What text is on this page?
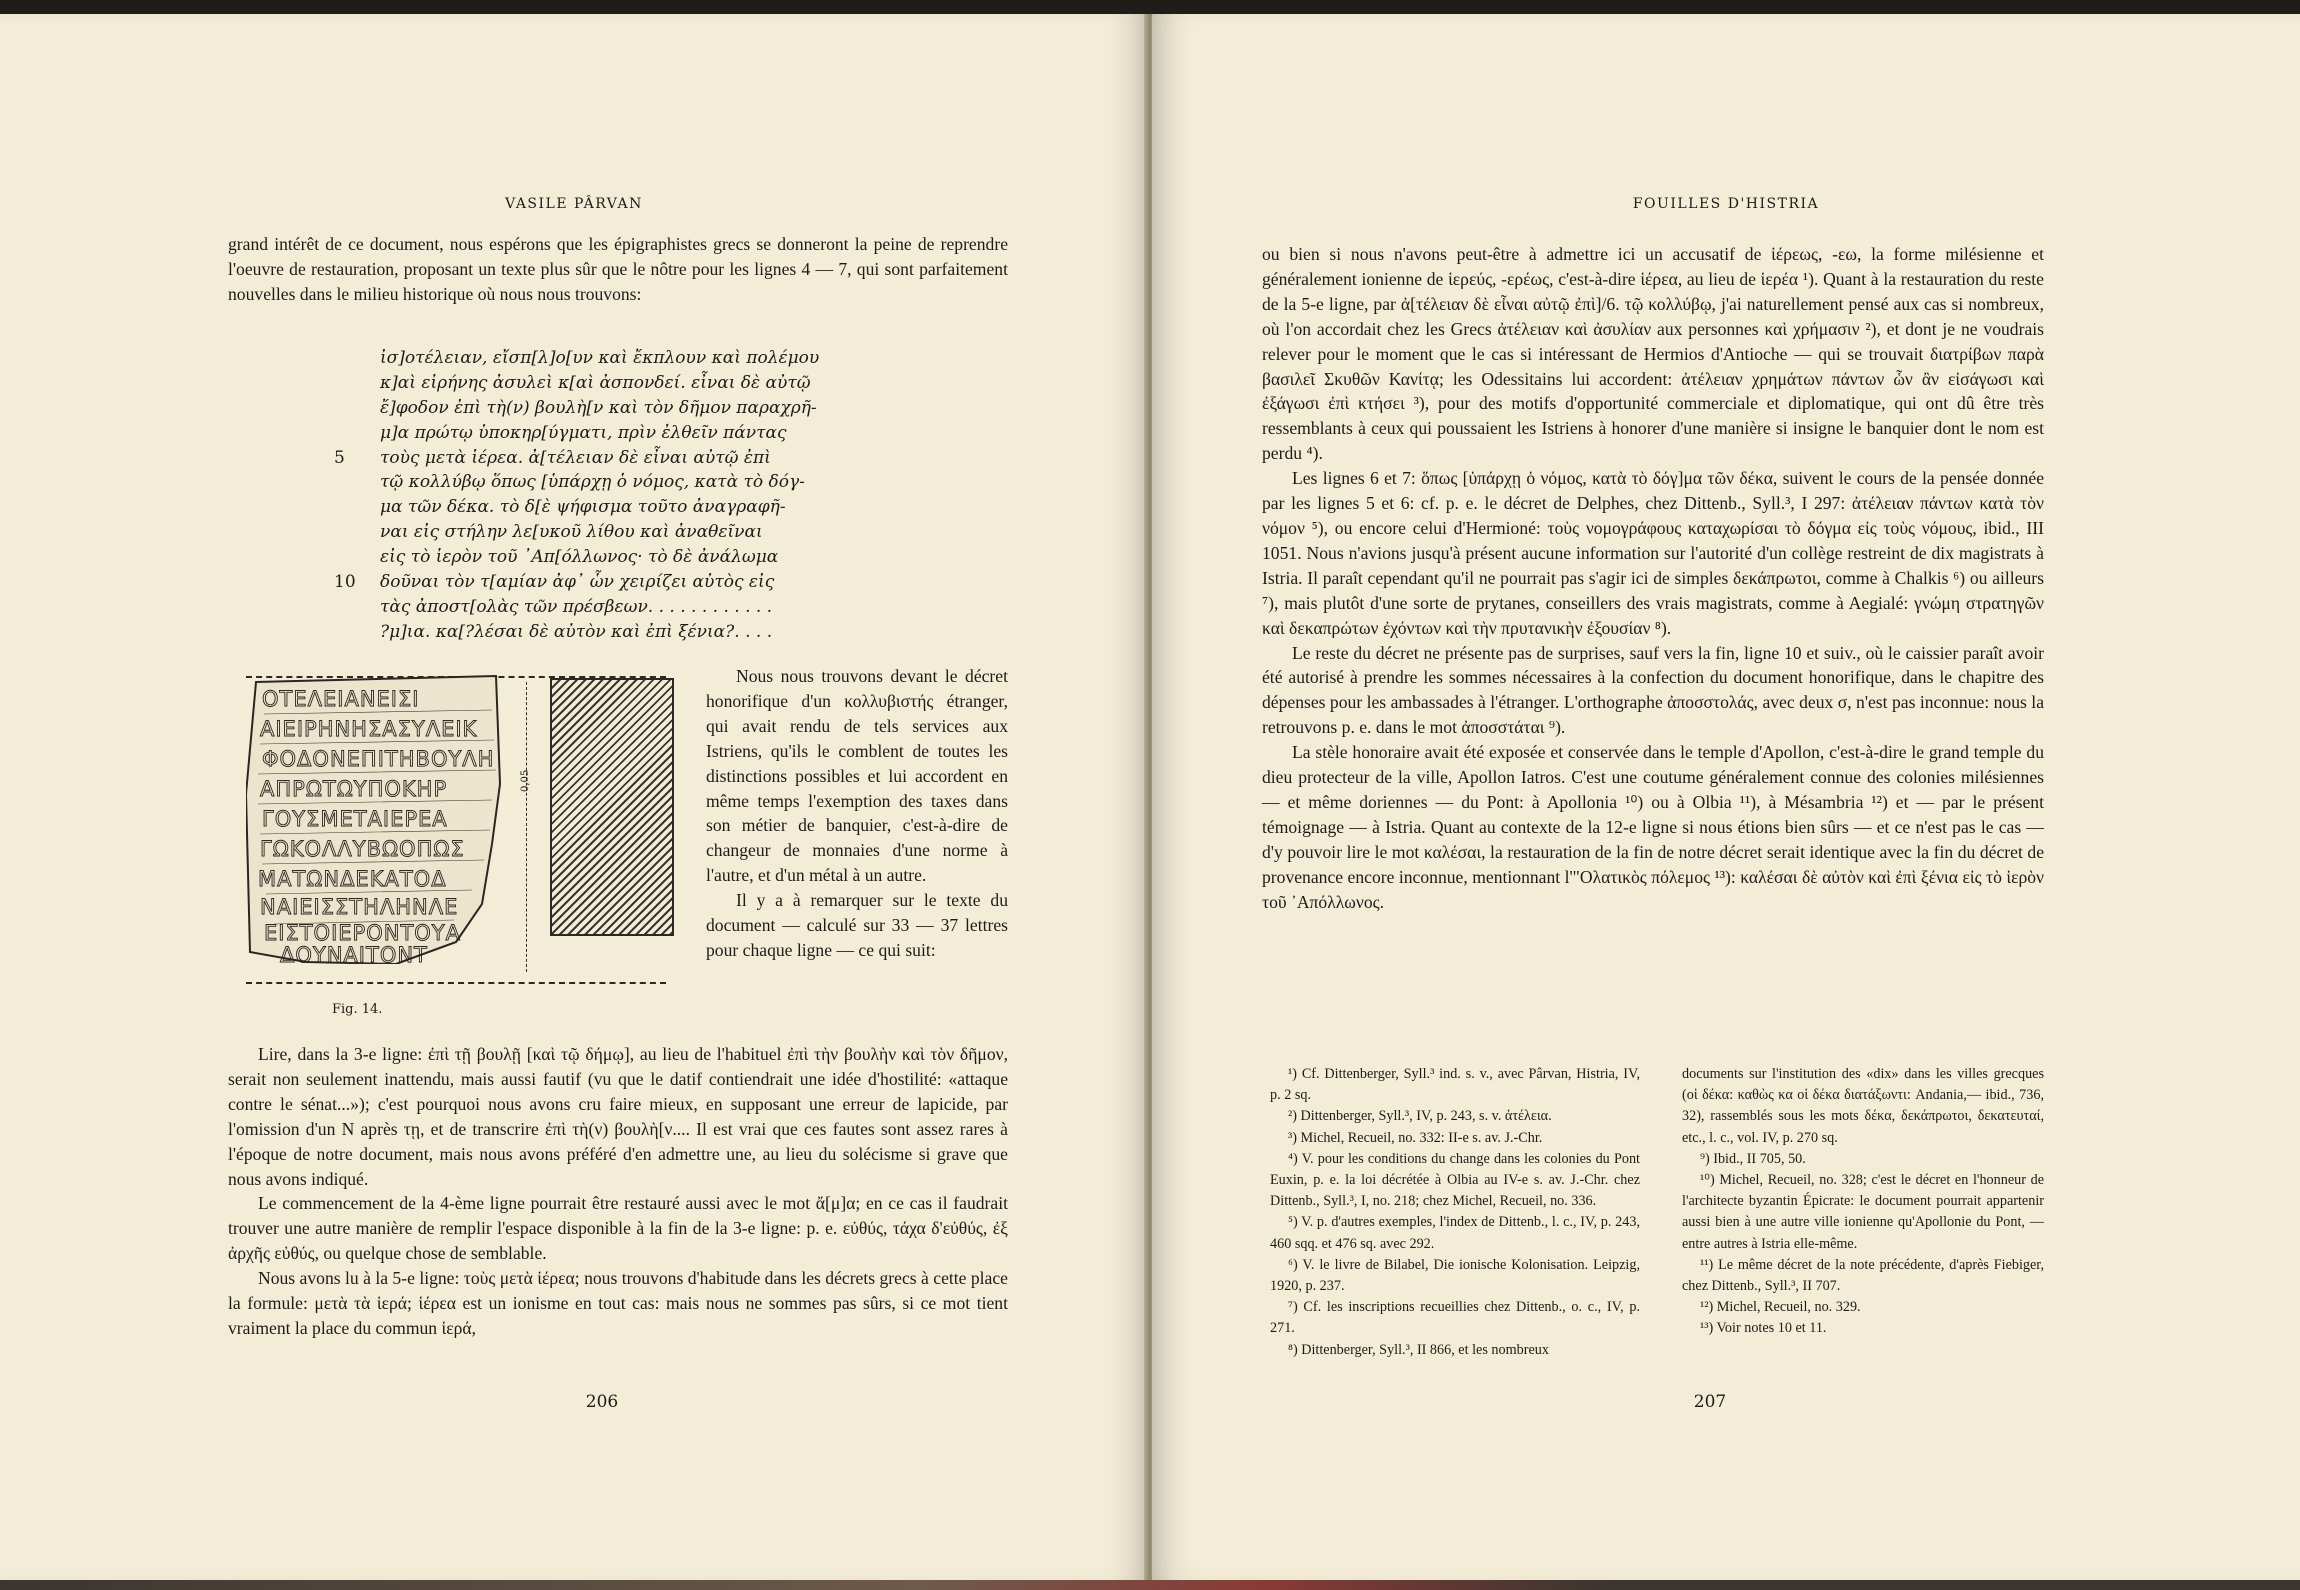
VASILE PÂRVAN
grand intérêt de ce document, nous espérons que les épigraphistes grecs se donneront la peine de reprendre l'oeuvre de restauration, proposant un texte plus sûr que le nôtre pour les lignes 4 — 7, qui sont parfaitement nouvelles dans le milieu historique où nous nous trouvons:
ἰσ]οτέλειαν, εἴσπ[λ]ο[υν καὶ ἔκπλουν καὶ πολέμου
κ]αὶ εἰρήνης ἀσυλεὶ κ[αὶ ἀσπονδεί. εἶναι δὲ αὐτῷ
ἔ]φοδον ἐπὶ τὴ(ν) βουλὴ[ν καὶ τὸν δῆμον παραχρῆ-
μ]α πρώτῳ ὑποκηρ[ύγματι, πρὶν ἐλθεῖν πάντας
5 τοὺς μετὰ ἱέρεα. ἀ[τέλειαν δὲ εἶναι αὐτῷ ἐπὶ
τῷ κολλύβῳ ὅπως [ὑπάρχῃ ὁ νόμος, κατὰ τὸ δόγ-
μα τῶν δέκα. τὸ δ[ὲ ψήφισμα τοῦτο ἀναγραφῆ-
ναι εἰς στήλην λε[υκοῦ λίθου καὶ ἀναθεῖναι
εἰς τὸ ἱερὸν τοῦ ᾿Απ[όλλωνος· τὸ δὲ ἀνάλωμα
10 δοῦναι τὸν τ[αμίαν ἀφ᾿ ὧν χειρίζει αὐτὸς εἰς
τὰς ἀποστ[ολὰς τῶν πρέσβεων. . . . . . . . . . . .
?μ]ια. κα[?λέσαι δὲ αὐτὸν καὶ ἐπὶ ξένια?. . . .
ΟΤΕΛΕΙΑΝΕΙΣΙ
ΑΙΕΙΡΗΝΗΣΑΣΥΛΕΙΚ
ΦΟΔΟΝΕΠΙΤΗΒΟΥΛΗ
ΑΠΡΩΤΩΥΠΟΚΗΡ
ΓΟΥΣΜΕΤΑΙΕΡΕΑ
ΓΩΚΟΛΛΥΒΩΟΠΩΣ
ΜΑΤΩΝΔΕΚΑΤΟΔ
ΝΑΙΕΙΣΣΤΗΛΗΝΛΕ
ΕΙΣΤΟΙΕΡΟΝΤΟΥΑ
ΔΟΥΝΑΙΤΟΝΤ
0,05
Fig. 14.

Nous nous trouvons devant le décret honorifique d'un κολλυβιστής étranger, qui avait rendu de tels services aux Istriens, qu'ils le comblent de toutes les distinctions possibles et lui accordent en même temps l'exemption des taxes dans son métier de banquier, c'est-à-dire de changeur de monnaies d'une norme à l'autre, et d'un métal à un autre.

Il y a à remarquer sur le texte du document — calculé sur 33 — 37 lettres pour chaque ligne — ce qui suit:

Lire, dans la 3-e ligne: ἐπὶ τῇ βουλῇ [καὶ τῷ δήμῳ], au lieu de l'habituel ἐπὶ τὴν βουλὴν καὶ τὸν δῆμον, serait non seulement inattendu, mais aussi fautif (vu que le datif contiendrait une idée d'hostilité: «attaque contre le sénat...»); c'est pourquoi nous avons cru faire mieux, en supposant une erreur de lapicide, par l'omission d'un N après τῃ, et de transcrire ἐπὶ τὴ(ν) βουλὴ[ν.... Il est vrai que ces fautes sont assez rares à l'époque de notre document, mais nous avons préféré d'en admettre une, au lieu du solécisme si grave que nous avons indiqué.

Le commencement de la 4-ème ligne pourrait être restauré aussi avec le mot ἄ[μ]α; en ce cas il faudrait trouver une autre manière de remplir l'espace disponible à la fin de la 3-e ligne: p. e. εὐθύς, τάχα δ'εὐθύς, ἐξ ἀρχῆς εὐθύς, ou quelque chose de semblable.

Nous avons lu à la 5-e ligne: τοὺς μετὰ ἱέρεα; nous trouvons d'habitude dans les décrets grecs à cette place la formule: μετὰ τὰ ἱερά; ἱέρεα est un ionisme en tout cas: mais nous ne sommes pas sûrs, si ce mot tient vraiment la place du commun ἱερά,

206
FOUILLES D'HISTRIA

ou bien si nous n'avons peut-être à admettre ici un accusatif de ἱέρεως, -εω, la forme milésienne et généralement ionienne de ἱερεύς, -ερέως, c'est-à-dire ἱέρεα, au lieu de ἱερέα ¹). Quant à la restauration du reste de la 5-e ligne, par ἀ[τέλειαν δὲ εἶναι αὐτῷ ἐπὶ]/6. τῷ κολλύβῳ, j'ai naturellement pensé aux cas si nombreux, où l'on accordait chez les Grecs ἀτέλειαν καὶ ἀσυλίαν aux personnes καὶ χρήμασιν ²), et dont je ne voudrais relever pour le moment que le cas si intéressant de Hermios d'Antioche — qui se trouvait διατρίβων παρὰ βασιλεῖ Σκυθῶν Κανίτᾳ; les Odessitains lui accordent: ἀτέλειαν χρημάτων πάντων ὧν ἂν εἰσάγωσι καὶ ἐξάγωσι ἐπὶ κτήσει ³), pour des motifs d'opportunité commerciale et diplomatique, qui ont dû être très ressemblants à ceux qui poussaient les Istriens à honorer d'une manière si insigne le banquier dont le nom est perdu ⁴).

Les lignes 6 et 7: ὅπως [ὑπάρχῃ ὁ νόμος, κατὰ τὸ δόγ]μα τῶν δέκα, suivent le cours de la pensée donnée par les lignes 5 et 6: cf. p. e. le décret de Delphes, chez Dittenb., Syll.³, I 297: ἀτέλειαν πάντων κατὰ τὸν νόμον ⁵), ou encore celui d'Hermioné: τοὺς νομογράφους καταχωρίσαι τὸ δόγμα εἰς τοὺς νόμους, ibid., III 1051. Nous n'avions jusqu'à présent aucune information sur l'autorité d'un collège restreint de dix magistrats à Istria. Il paraît cependant qu'il ne pourrait pas s'agir ici de simples δεκάπρωτοι, comme à Chalkis ⁶) ou ailleurs ⁷), mais plutôt d'une sorte de prytanes, conseillers des vrais magistrats, comme à Aegialé: γνώμη στρατηγῶν καὶ δεκαπρώτων ἐχόντων καὶ τὴν πρυτανικὴν ἐξουσίαν ⁸).

Le reste du décret ne présente pas de surprises, sauf vers la fin, ligne 10 et suiv., où le caissier paraît avoir été autorisé à prendre les sommes nécessaires à la confection du document honorifique, dans le chapitre des dépenses pour les ambassades à l'étranger. L'orthographe ἀποσστολάς, avec deux σ, n'est pas inconnue: nous la retrouvons p. e. dans le mot ἀποσστάται ⁹).

La stèle honoraire avait été exposée et conservée dans le temple d'Apollon, c'est-à-dire le grand temple du dieu protecteur de la ville, Apollon Iatros. C'est une coutume généralement connue des colonies milésiennes — et même doriennes — du Pont: à Apollonia ¹⁰) ou à Olbia ¹¹), à Mésambria ¹²) et — par le présent témoignage — à Istria. Quant au contexte de la 12-e ligne si nous étions bien sûrs — et ce n'est pas le cas — d'y pouvoir lire le mot καλέσαι, la restauration de la fin de notre décret serait identique avec la fin du décret de provenance encore inconnue, mentionnant l'"Ολατικὸς πόλεμος ¹³): καλέσαι δὲ αὐτὸν καὶ ἐπὶ ξένια εἰς τὸ ἱερὸν τοῦ ᾿Απόλλωνος.

¹) Cf. Dittenberger, Syll.³ ind. s. v., avec Pârvan, Histria, IV, p. 2 sq.

²) Dittenberger, Syll.³, IV, p. 243, s. v. ἀτέλεια.

³) Michel, Recueil, no. 332: II-e s. av. J.-Chr.

⁴) V. pour les conditions du change dans les colonies du Pont Euxin, p. e. la loi décrétée à Olbia au IV-e s. av. J.-Chr. chez Dittenb., Syll.³, I, no. 218; chez Michel, Recueil, no. 336.

⁵) V. p. d'autres exemples, l'index de Dittenb., l. c., IV, p. 243, 460 sqq. et 476 sq. avec 292.

⁶) V. le livre de Bilabel, Die ionische Kolonisation. Leipzig, 1920, p. 237.

⁷) Cf. les inscriptions recueillies chez Dittenb., o. c., IV, p. 271.

⁸) Dittenberger, Syll.³, II 866, et les nombreux

documents sur l'institution des «dix» dans les villes grecques (οἱ δέκα: καθὼς κα οἱ δέκα διατάξωντι: Andania,— ibid., 736, 32), rassemblés sous les mots δέκα, δεκάπρωτοι, δεκατευταί, etc., l. c., vol. IV, p. 270 sq.

⁹) Ibid., II 705, 50.

¹⁰) Michel, Recueil, no. 328; c'est le décret en l'honneur de l'architecte byzantin Épicrate: le document pourrait appartenir aussi bien à une autre ville ionienne qu'Apollonie du Pont, — entre autres à Istria elle-même.

¹¹) Le même décret de la note précédente, d'après Fiebiger, chez Dittenb., Syll.³, II 707.

¹²) Michel, Recueil, no. 329.

¹³) Voir notes 10 et 11.

207
